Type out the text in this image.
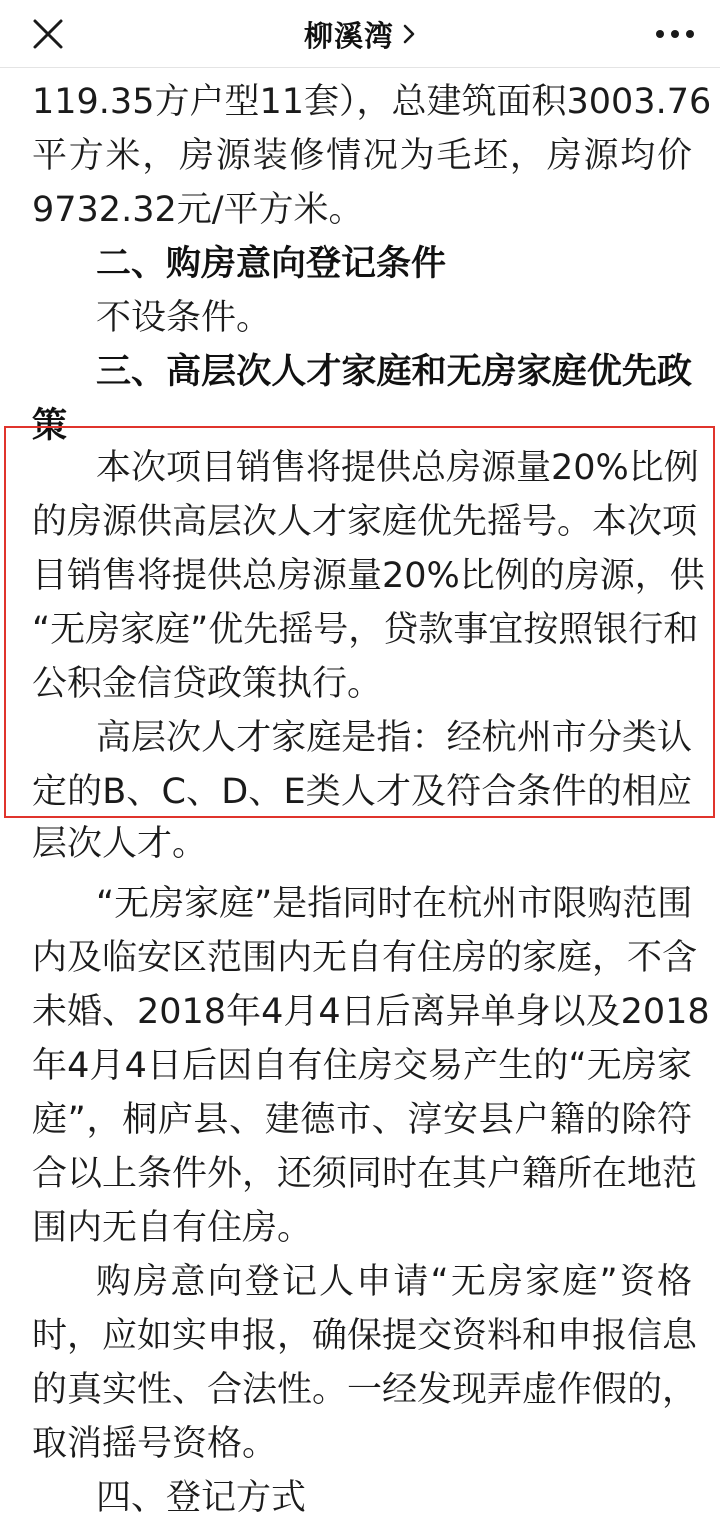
柳溪湾
119.35方户型11套），总建筑面积3003.76
平方米，房源装修情况为毛坯，房源均价
9732.32元/平方米。
二、购房意向登记条件
不设条件。
三、高层次人才家庭和无房家庭优先政
策
本次项目销售将提供总房源量20%比例
的房源供高层次人才家庭优先摇号。本次项
目销售将提供总房源量20%比例的房源，供
“无房家庭”优先摇号，贷款事宜按照银行和
公积金信贷政策执行。
高层次人才家庭是指：经杭州市分类认
定的B、C、D、E类人才及符合条件的相应
层次人才。
“无房家庭”是指同时在杭州市限购范围
内及临安区范围内无自有住房的家庭，不含
未婚、2018年4月4日后离异单身以及2018
年4月4日后因自有住房交易产生的“无房家
庭”，桐庐县、建德市、淳安县户籍的除符
合以上条件外，还须同时在其户籍所在地范
围内无自有住房。
购房意向登记人申请“无房家庭”资格
时，应如实申报，确保提交资料和申报信息
的真实性、合法性。一经发现弄虚作假的，
取消摇号资格。
四、登记方式
